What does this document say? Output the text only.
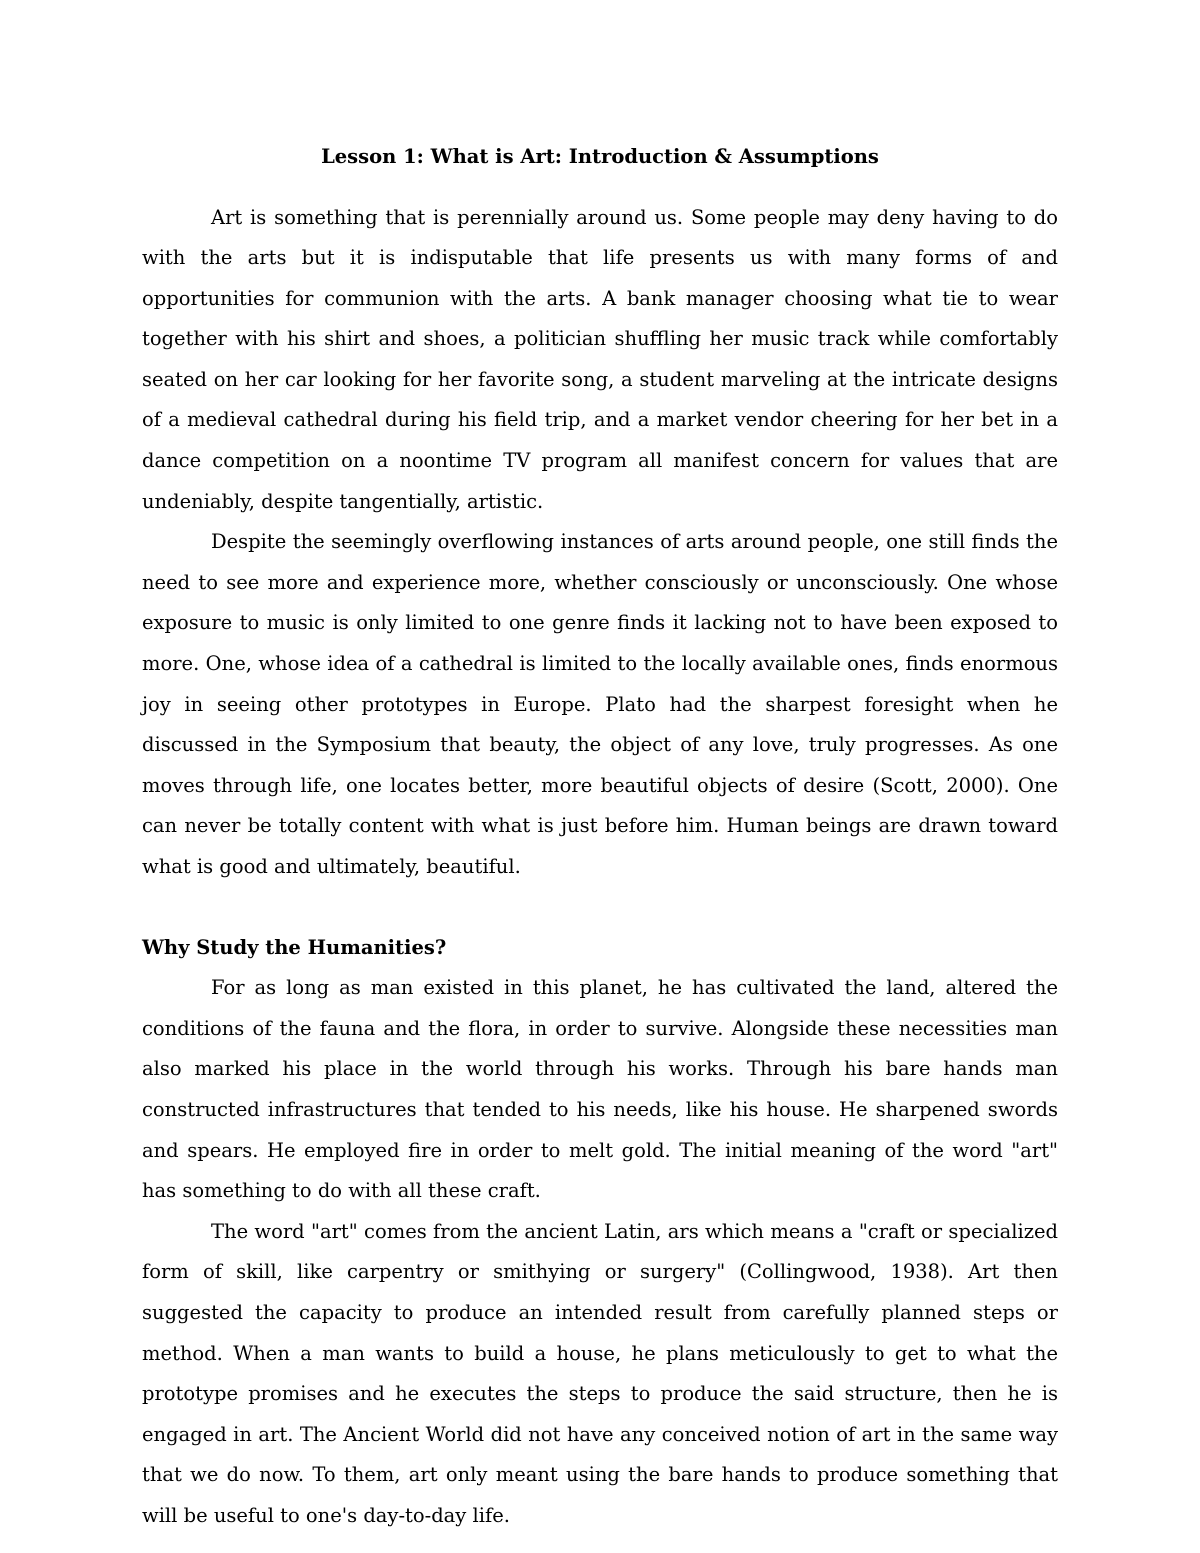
Lesson 1: What is Art: Introduction & Assumptions

Art is something that is perennially around us. Some people may deny having to do with the arts but it is indisputable that life presents us with many forms of and opportunities for communion with the arts. A bank manager choosing what tie to wear together with his shirt and shoes, a politician shuffling her music track while comfortably seated on her car looking for her favorite song, a student marveling at the intricate designs of a medieval cathedral during his field trip, and a market vendor cheering for her bet in a dance competition on a noontime TV program all manifest concern for values that are undeniably, despite tangentially, artistic.

Despite the seemingly overflowing instances of arts around people, one still finds the need to see more and experience more, whether consciously or unconsciously. One whose exposure to music is only limited to one genre finds it lacking not to have been exposed to more. One, whose idea of a cathedral is limited to the locally available ones, finds enormous joy in seeing other prototypes in Europe. Plato had the sharpest foresight when he discussed in the Symposium that beauty, the object of any love, truly progresses. As one moves through life, one locates better, more beautiful objects of desire (Scott, 2000). One can never be totally content with what is just before him. Human beings are drawn toward what is good and ultimately, beautiful.

Why Study the Humanities?

For as long as man existed in this planet, he has cultivated the land, altered the conditions of the fauna and the flora, in order to survive. Alongside these necessities man also marked his place in the world through his works. Through his bare hands man constructed infrastructures that tended to his needs, like his house. He sharpened swords and spears. He employed fire in order to melt gold. The initial meaning of the word "art" has something to do with all these craft.

The word "art" comes from the ancient Latin, ars which means a "craft or specialized form of skill, like carpentry or smithying or surgery" (Collingwood, 1938). Art then suggested the capacity to produce an intended result from carefully planned steps or method. When a man wants to build a house, he plans meticulously to get to what the prototype promises and he executes the steps to produce the said structure, then he is engaged in art. The Ancient World did not have any conceived notion of art in the same way that we do now. To them, art only meant using the bare hands to produce something that will be useful to one's day-to-day life.
